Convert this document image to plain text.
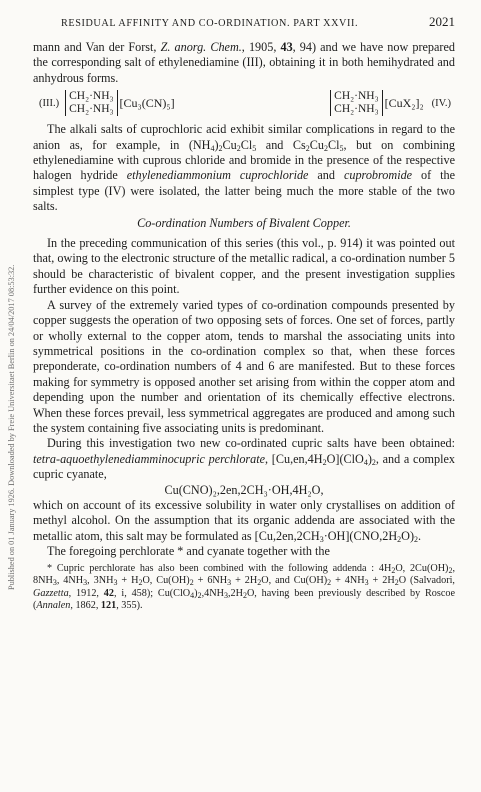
Published on 01 January 1926. Downloaded by Freie Universitaet Berlin on 24/04/2017 08:53:32.
RESIDUAL AFFINITY AND CO-ORDINATION. PART XXVII.	2021

mann and Van der Forst, Z. anorg. Chem., 1905, 43, 94) and we have now prepared the corresponding salt of ethylenediamine (III), obtaining it in both hemihydrated and anhydrous forms.

(III.)
CH₂·NH₃
CH₂·NH₃ [Cu₃(CN)₅]	CH₂·NH₃
CH₂·NH₃ [CuX₂]₂ (IV.)

The alkali salts of cuprochloric acid exhibit similar complications in regard to the anion as, for example, in $(NH_4)_2Cu_2Cl_5$ and $Cs_2Cu_2Cl_5$, but on combining ethylenediamine with cuprous chloride and bromide in the presence of the respective halogen hydride ethylenediammonium cuprochloride and cuprobromide of the simplest type (IV) were isolated, the latter being much the more stable of the two salts.

Co-ordination Numbers of Bivalent Copper.

In the preceding communication of this series (this vol., p. 914) it was pointed out that, owing to the electronic structure of the metallic radical, a co-ordination number 5 should be characteristic of bivalent copper, and the present investigation supplies further evidence on this point.

A survey of the extremely varied types of co-ordination compounds presented by copper suggests the operation of two opposing sets of forces. One set of forces, partly or wholly external to the copper atom, tends to marshal the associating units into symmetrical positions in the co-ordination complex so that, when these forces preponderate, co-ordination numbers of 4 and 6 are manifested. But to these forces making for symmetry is opposed another set arising from within the copper atom and depending upon the number and orientation of its chemically effective electrons. When these forces prevail, less symmetrical aggregates are produced and among such the system containing five associating units is predominant.

During this investigation two new co-ordinated cupric salts have been obtained: tetra-aquoethylenediamminocupric perchlorate, $[Cu,en,4H_2O](ClO_4)_2$, and a complex cupric cyanate,

Cu(CNO)₂,2en,2CH₃·OH,4H₂O,

which on account of its excessive solubility in water only crystallises on addition of methyl alcohol. On the assumption that its organic addenda are associated with the metallic atom, this salt may be formulated as $[Cu,2en,2CH_3\cdot OH](CNO,2H_2O)_2$.

The foregoing perchlorate * and cyanate together with the

* Cupric perchlorate has also been combined with the following addenda : $4H_2O$, $2Cu(OH)_2$, $8NH_3$, $4NH_3$, $3NH_3 + H_2O$, $Cu(OH)_2 + 6NH_3 + 2H_2O$, and $Cu(OH)_2 + 4NH_3 + 2H_2O$ (Salvadori, Gazzetta, 1912, 42, i, 458); $Cu(ClO_4)_2,4NH_3,2H_2O$, having been previously described by Roscoe (Annalen, 1862, 121, 355).
